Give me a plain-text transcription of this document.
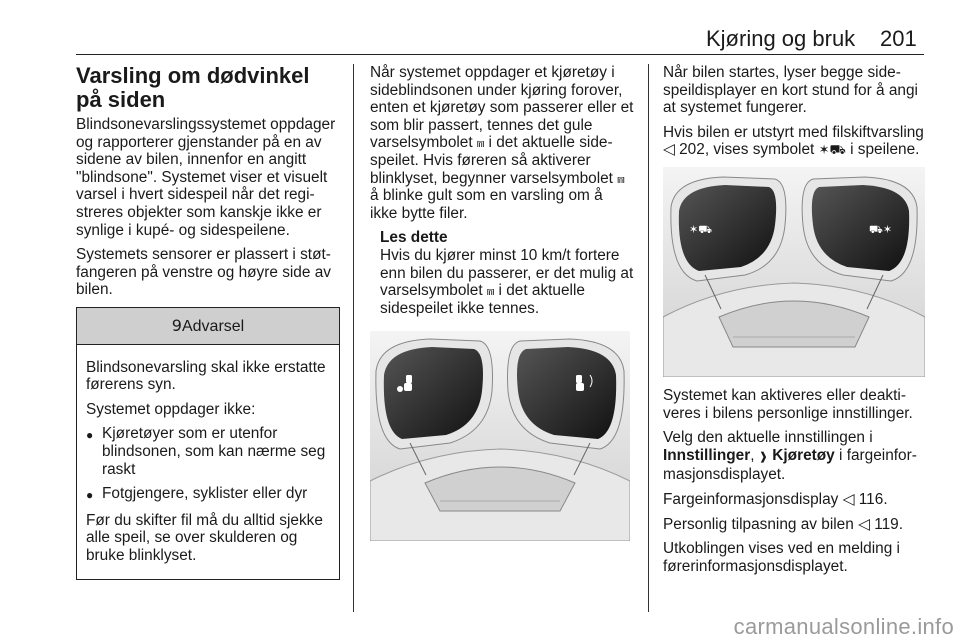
Kjøring og bruk 201
Varsling om dødvinkel på siden

Blindsonevarslingssystemet oppdager og rapporterer gjenstander på en av sidene av bilen, innenfor en angitt "blindsone". Systemet viser et visuelt varsel i hvert sidespeil når det registreres objekter som kanskje ikke er synlige i kupé- og sidespeilene.

Systemets sensorer er plassert i støtfangeren på venstre og høyre side av bilen.

9Advarsel

Blindsonevarsling skal ikke erstatte førerens syn.

Systemet oppdager ikke:

● Kjøretøyer som er utenfor blindsonen, som kan nærme seg raskt
● Fotgjengere, syklister eller dyr

Før du skifter fil må du alltid sjekke alle speil, se over skulderen og bruke blinklyset.

Når systemet oppdager et kjøretøy i sideblindsonen under kjøring forover, enten et kjøretøy som passerer eller et som blir passert, tennes det gule varselsymbolet ⩎ i det aktuelle sidespeilet. Hvis føreren så aktiverer blinklyset, begynner varselsymbolet ⩎ å blinke gult som en varsling om å ikke bytte filer.

Les dette
Hvis du kjører minst 10 km/t fortere enn bilen du passerer, er det mulig at varselsymbolet ⩎ i det aktuelle sidespeilet ikke tennes.

Når bilen startes, lyser begge sidespeildisplayer en kort stund for å angi at systemet fungerer.

Hvis bilen er utstyrt med filskiftvarsling ◁ 202, vises symbolet ✶⛟ i speilene.

✶⛟	⛟✶

Systemet kan aktiveres eller deaktiveres i bilens personlige innstillinger.

Velg den aktuelle innstillingen i Innstillinger, ❱ Kjøretøy i fargeinformasjonsdisplayet.

Fargeinformasjonsdisplay ◁ 116.

Personlig tilpasning av bilen ◁ 119.

Utkoblingen vises ved en melding i førerinformasjonsdisplayet.

carmanualsonline.info
